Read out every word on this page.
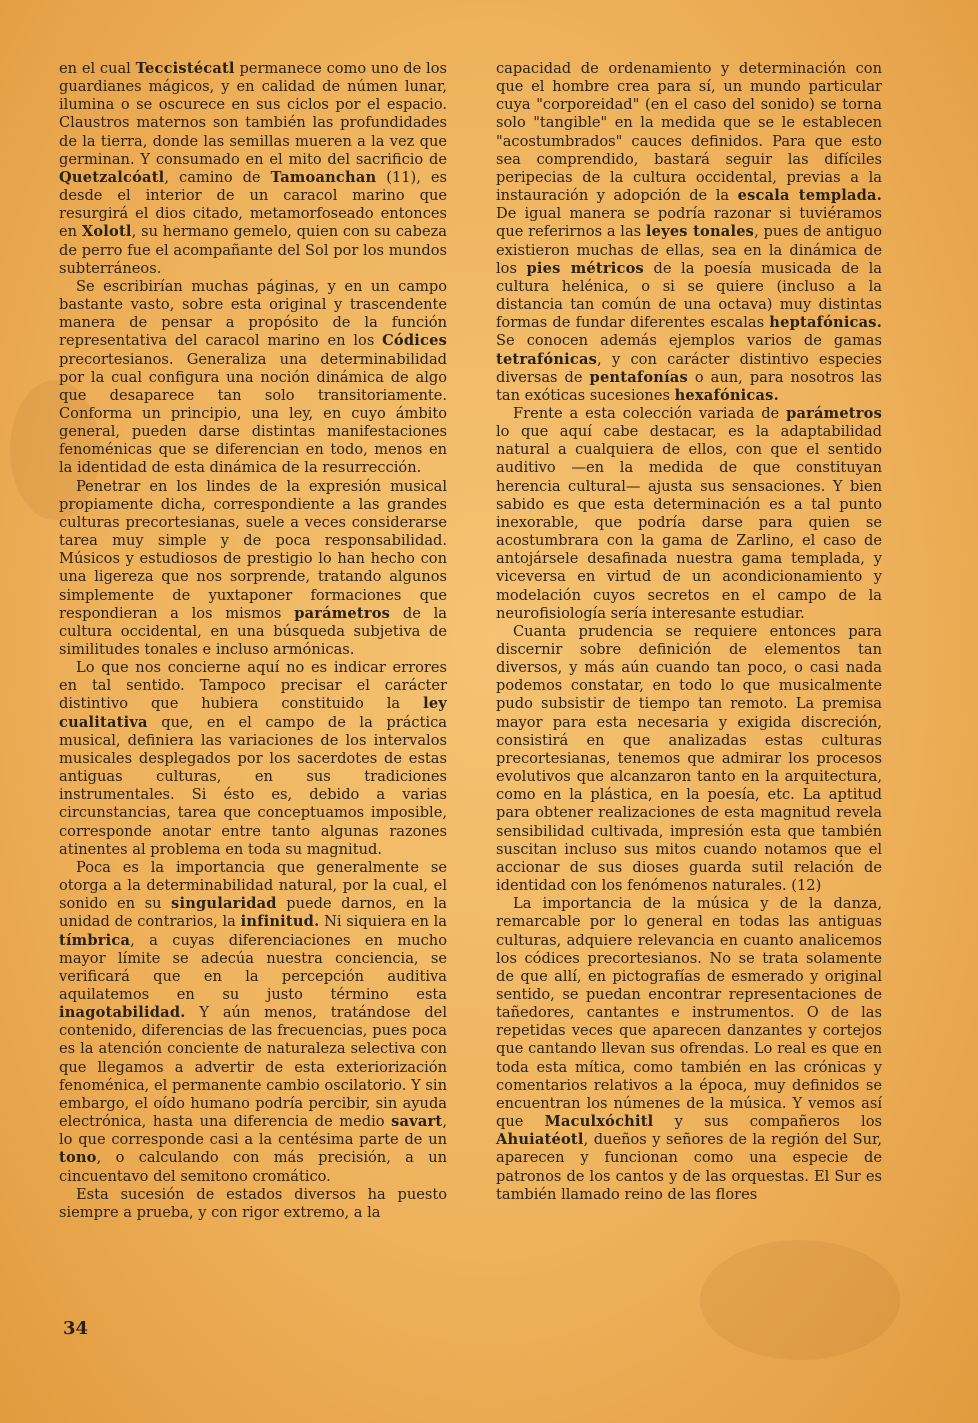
en el cual Teccistécatl permanece como uno de los guardianes mágicos, y en calidad de númen lunar, ilumina o se oscurece en sus ciclos por el espacio. Claustros maternos son también las profundidades de la tierra, donde las semillas mueren a la vez que germinan. Y consumado en el mito del sacrificio de Quetzalcóatl, camino de Tamoanchan (11), es desde el interior de un caracol marino que resurgirá el dios citado, metamorfoseado entonces en Xolotl, su hermano gemelo, quien con su cabeza de perro fue el acompañante del Sol por los mundos subterráneos.

Se escribirían muchas páginas, y en un campo bastante vasto, sobre esta original y trascendente manera de pensar a propósito de la función representativa del caracol marino en los Códices precortesianos. Generaliza una determinabilidad por la cual configura una noción dinámica de algo que desaparece tan solo transitoriamente. Conforma un principio, una ley, en cuyo ámbito general, pueden darse distintas manifestaciones fenoménicas que se diferencian en todo, menos en la identidad de esta dinámica de la resurrección.

Penetrar en los lindes de la expresión musical propiamente dicha, correspondiente a las grandes culturas precortesianas, suele a veces considerarse tarea muy simple y de poca responsabilidad. Músicos y estudiosos de prestigio lo han hecho con una ligereza que nos sorprende, tratando algunos simplemente de yuxtaponer formaciones que respondieran a los mismos parámetros de la cultura occidental, en una búsqueda subjetiva de similitudes tonales e incluso armónicas.

Lo que nos concierne aquí no es indicar errores en tal sentido. Tampoco precisar el carácter distintivo que hubiera constituido la ley cualitativa que, en el campo de la práctica musical, definiera las variaciones de los intervalos musicales desplegados por los sacerdotes de estas antiguas culturas, en sus tradiciones instrumentales. Si ésto es, debido a varias circunstancias, tarea que conceptuamos imposible, corresponde anotar entre tanto algunas razones atinentes al problema en toda su magnitud.

Poca es la importancia que generalmente se otorga a la determinabilidad natural, por la cual, el sonido en su singularidad puede darnos, en la unidad de contrarios, la infinitud. Ni siquiera en la tímbrica, a cuyas diferenciaciones en mucho mayor límite se adecúa nuestra conciencia, se verificará que en la percepción auditiva aquilatemos en su justo término esta inagotabilidad. Y aún menos, tratándose del contenido, diferencias de las frecuencias, pues poca es la atención conciente de naturaleza selectiva con que llegamos a advertir de esta exteriorización fenoménica, el permanente cambio oscilatorio. Y sin embargo, el oído humano podría percibir, sin ayuda electrónica, hasta una diferencia de medio savart, lo que corresponde casi a la centésima parte de un tono, o calculando con más precisión, a un cincuentavo del semitono cromático.

Esta sucesión de estados diversos ha puesto siempre a prueba, y con rigor extremo, a la

capacidad de ordenamiento y determinación con que el hombre crea para sí, un mundo particular cuya "corporeidad" (en el caso del sonido) se torna solo "tangible" en la medida que se le establecen "acostumbrados" cauces definidos. Para que esto sea comprendido, bastará seguir las difíciles peripecias de la cultura occidental, previas a la instauración y adopción de la escala templada. De igual manera se podría razonar si tuviéramos que referirnos a las leyes tonales, pues de antiguo existieron muchas de ellas, sea en la dinámica de los pies métricos de la poesía musicada de la cultura helénica, o si se quiere (incluso a la distancia tan común de una octava) muy distintas formas de fundar diferentes escalas heptafónicas. Se conocen además ejemplos varios de gamas tetrafónicas, y con carácter distintivo especies diversas de pentafonías o aun, para nosotros las tan exóticas sucesiones hexafónicas.

Frente a esta colección variada de parámetros lo que aquí cabe destacar, es la adaptabilidad natural a cualquiera de ellos, con que el sentido auditivo —en la medida de que constituyan herencia cultural— ajusta sus sensaciones. Y bien sabido es que esta determinación es a tal punto inexorable, que podría darse para quien se acostumbrara con la gama de Zarlino, el caso de antojársele desafinada nuestra gama templada, y viceversa en virtud de un acondicionamiento y modelación cuyos secretos en el campo de la neurofisiología sería interesante estudiar.

Cuanta prudencia se requiere entonces para discernir sobre definición de elementos tan diversos, y más aún cuando tan poco, o casi nada podemos constatar, en todo lo que musicalmente pudo subsistir de tiempo tan remoto. La premisa mayor para esta necesaria y exigida discreción, consistirá en que analizadas estas culturas precortesianas, tenemos que admirar los procesos evolutivos que alcanzaron tanto en la arquitectura, como en la plástica, en la poesía, etc. La aptitud para obtener realizaciones de esta magnitud revela sensibilidad cultivada, impresión esta que también suscitan incluso sus mitos cuando notamos que el accionar de sus dioses guarda sutil relación de identidad con los fenómenos naturales. (12)

La importancia de la música y de la danza, remarcable por lo general en todas las antiguas culturas, adquiere relevancia en cuanto analicemos los códices precortesianos. No se trata solamente de que allí, en pictografías de esmerado y original sentido, se puedan encontrar representaciones de tañedores, cantantes e instrumentos. O de las repetidas veces que aparecen danzantes y cortejos que cantando llevan sus ofrendas. Lo real es que en toda esta mítica, como también en las crónicas y comentarios relativos a la época, muy definidos se encuentran los númenes de la música. Y vemos así que Maculxóchitl y sus compañeros los Ahuiatéotl, dueños y señores de la región del Sur, aparecen y funcionan como una especie de patronos de los cantos y de las orquestas. El Sur es también llamado reino de las flores

34
